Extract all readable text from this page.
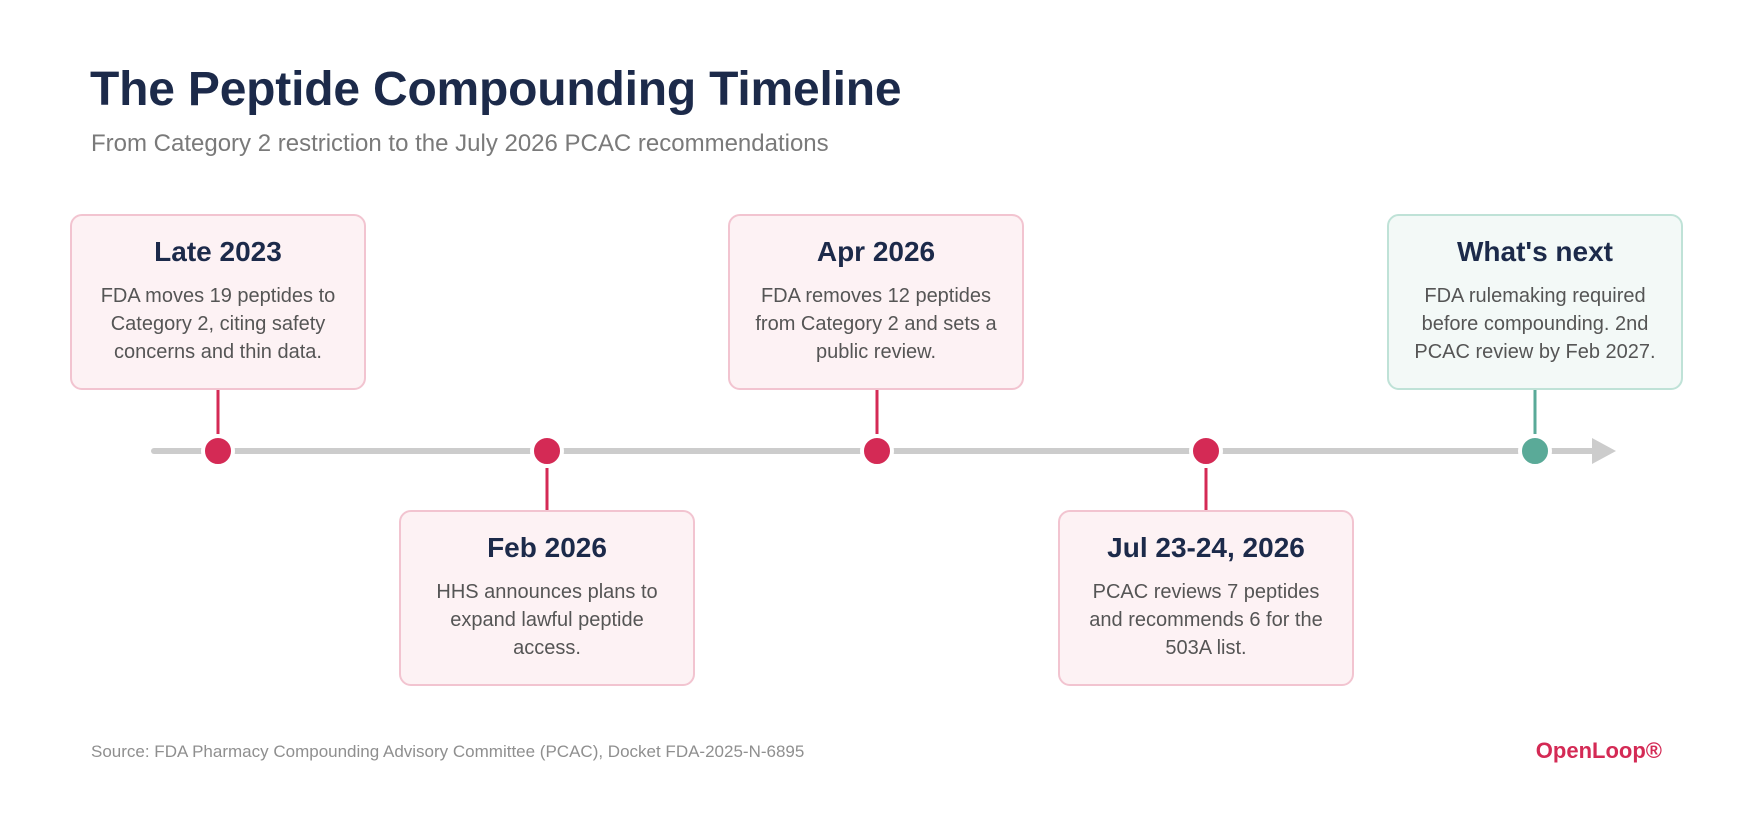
The Peptide Compounding Timeline

From Category 2 restriction to the July 2026 PCAC recommendations

Late 2023
FDA moves 19 peptides to Category 2, citing safety concerns and thin data.
Feb 2026
HHS announces plans to expand lawful peptide access.
Apr 2026
FDA removes 12 peptides from Category 2 and sets a public review.
Jul 23-24, 2026
PCAC reviews 7 peptides and recommends 6 for the 503A list.
What's next
FDA rulemaking required before compounding. 2nd PCAC review by Feb 2027.
Source: FDA Pharmacy Compounding Advisory Committee (PCAC), Docket FDA-2025-N-6895	OpenLoop®
